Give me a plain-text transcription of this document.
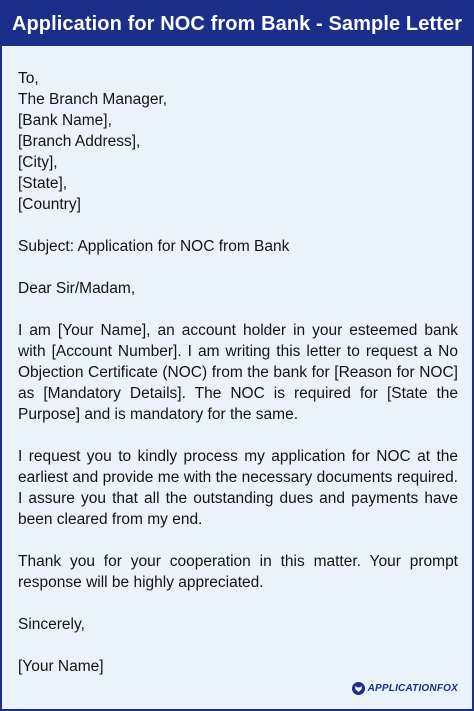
Application for NOC from Bank - Sample Letter
To,
The Branch Manager,
[Bank Name],
[Branch Address],
[City],
[State],
[Country]
Subject: Application for NOC from Bank
Dear Sir/Madam,
I am [Your Name], an account holder in your esteemed bank with [Account Number]. I am writing this letter to request a No Objection Certificate (NOC) from the bank for [Reason for NOC] as [Mandatory Details]. The NOC is required for [State the Purpose] and is mandatory for the same.
I request you to kindly process my application for NOC at the earliest and provide me with the necessary documents required. I assure you that all the outstanding dues and payments have been cleared from my end.
Thank you for your cooperation in this matter. Your prompt response will be highly appreciated.
Sincerely,
[Your Name]
APPLICATIONFOX
